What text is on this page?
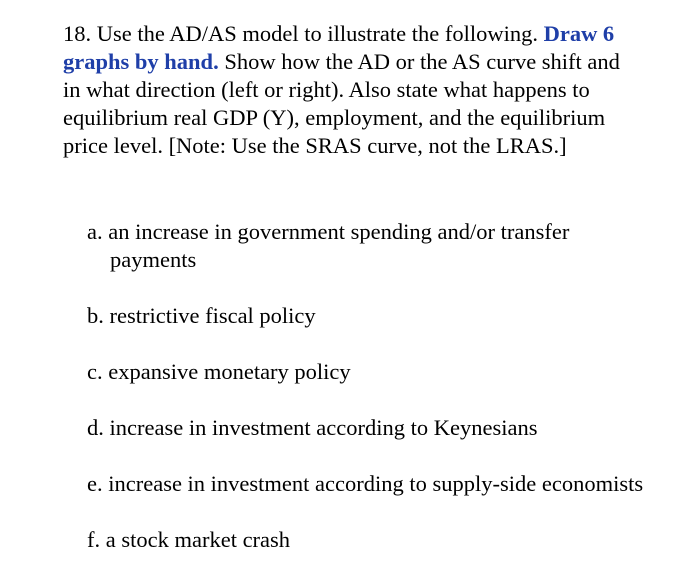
18. Use the AD/AS model to illustrate the following. Draw 6
graphs by hand. Show how the AD or the AS curve shift and
in what direction (left or right). Also state what happens to
equilibrium real GDP (Y), employment, and the equilibrium
price level. [Note: Use the SRAS curve, not the LRAS.]

a. an increase in government spending and/or transfer
payments

b. restrictive fiscal policy

c. expansive monetary policy

d. increase in investment according to Keynesians

e. increase in investment according to supply-side economists

f. a stock market crash
